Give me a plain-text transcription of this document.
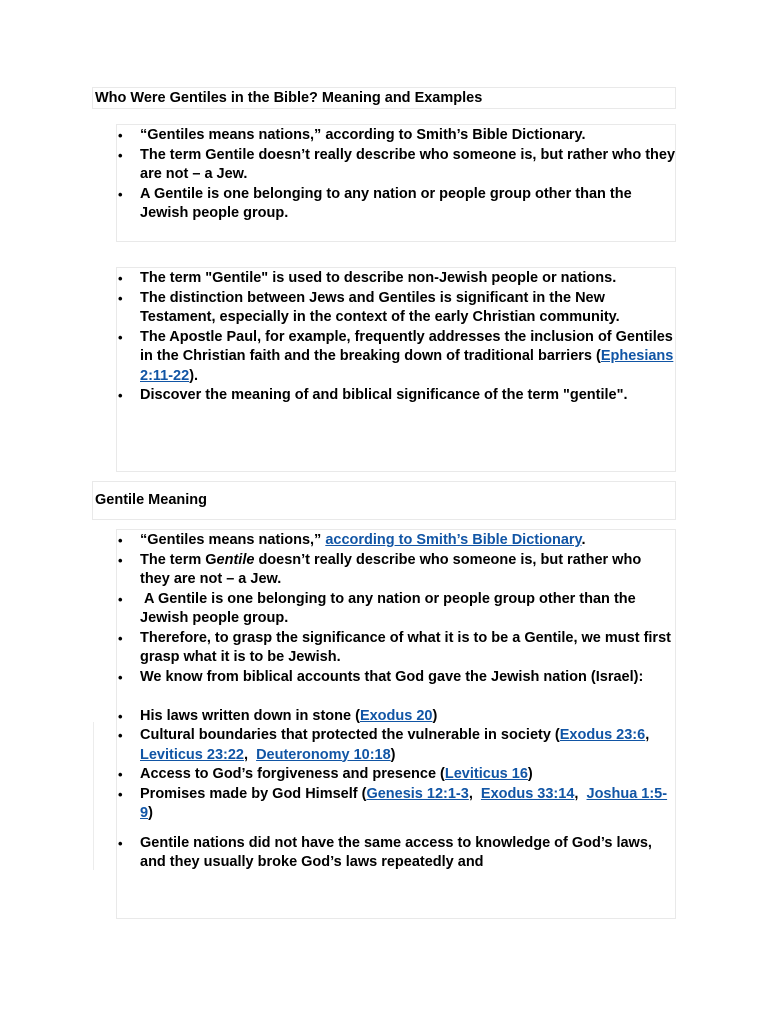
Who Were Gentiles in the Bible? Meaning and Examples
• “Gentiles means nations,” according to Smith’s Bible Dictionary.
• The term Gentile doesn’t really describe who someone is, but rather who they are not – a Jew.
• A Gentile is one belonging to any nation or people group other than the Jewish people group.
• The term "Gentile" is used to describe non-Jewish people or nations.
• The distinction between Jews and Gentiles is significant in the New Testament, especially in the context of the early Christian community.
• The Apostle Paul, for example, frequently addresses the inclusion of Gentiles in the Christian faith and the breaking down of traditional barriers (Ephesians 2:11-22).
• Discover the meaning of and biblical significance of the term "gentile".
Gentile Meaning
• “Gentiles means nations,” according to Smith’s Bible Dictionary.
• The term Gentile doesn’t really describe who someone is, but rather who they are not – a Jew.
• A Gentile is one belonging to any nation or people group other than the Jewish people group.
• Therefore, to grasp the significance of what it is to be a Gentile, we must first grasp what it is to be Jewish.
• We know from biblical accounts that God gave the Jewish nation (Israel):
• His laws written down in stone (Exodus 20)
• Cultural boundaries that protected the vulnerable in society (Exodus 23:6,  Leviticus 23:22,  Deuteronomy 10:18)
• Access to God’s forgiveness and presence (Leviticus 16)
• Promises made by God Himself (Genesis 12:1-3,  Exodus 33:14,  Joshua 1:5-9)
• Gentile nations did not have the same access to knowledge of God’s laws, and they usually broke God’s laws repeatedly and
